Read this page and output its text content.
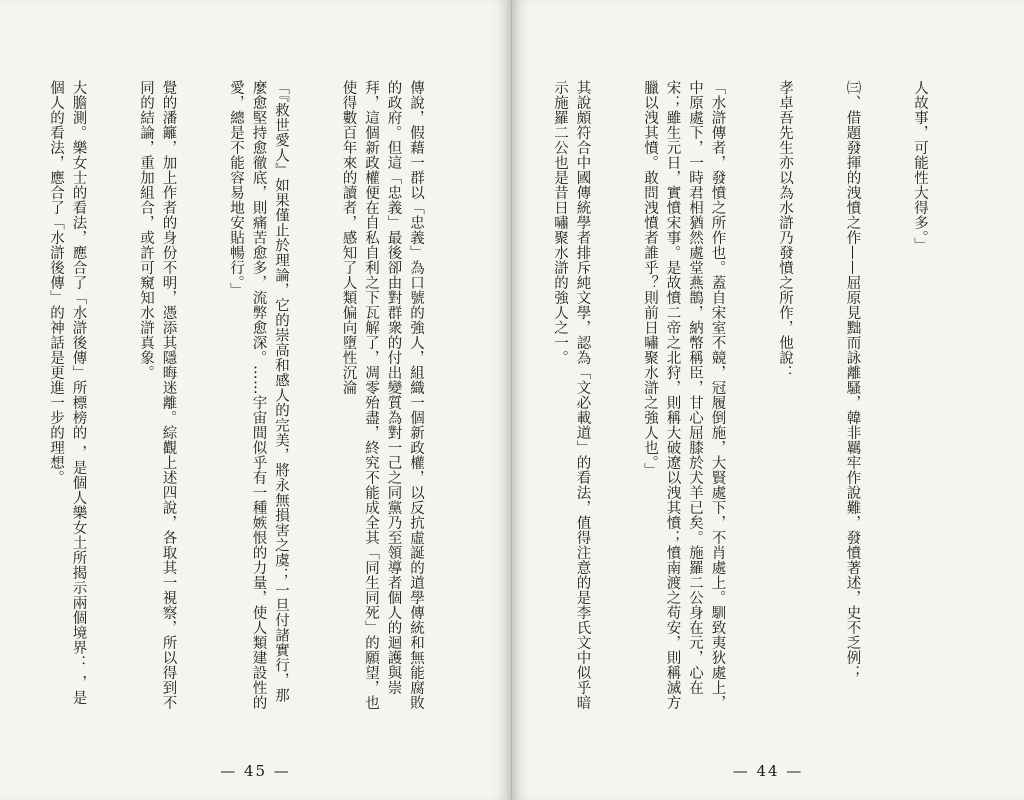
傳說，假藉一群以「忠義」為口號的強人，組織一個新政權，以反抗虛誕的道學傳統和無能腐敗的政府。但這「忠義」最後卻由對群衆的付出變質為對一己之同黨乃至領導者個人的迴護與崇拜，這個新政權便在自私自利之下瓦解了，凋零殆盡，終究不能成全其「同生同死」的願望，也使得數百年來的讀者，感知了人類偏向墮性沉淪

「『救世愛人』如果僅止於理論，它的崇高和感人的完美，將永無損害之虞；一旦付諸實行，那麼愈堅持愈徹底，則痛苦愈多，流弊愈深。……宇宙間似乎有一種嫉恨的力量，使人類建設性的愛，總是不能容易地安貼暢行。」

覺的潘籬，加上作者的身份不明，憑添其隱晦迷離。綜觀上述四說，各取其一視察，所以得到不同的結論，重加組合，或許可窺知水滸真象。

大膽測。樂女士的看法，應合了「水滸後傳」所標榜的 ，是個人樂女土所揭示兩個境界： ，是個人的看法，應合了「水滸後傳」的神話是更進一步的理想。

— 45 —

人故事，可能性大得多。」

㈢、借題發揮的洩憤之作——屈原見黜而詠離騷，韓非羈牢作說難，發憤著述，史不乏例；

孝卓吾先生亦以為水滸乃發憤之所作，他說：

「水滸傳者，發憤之所作也。蓋自宋室不競，冠履倒施，大賢處下，不肖處上。馴致夷狄處上，中原處下，一時君相猶然處堂燕鵲，納幣稱臣，甘心屈膝於犬羊已矣。施羅二公身在元，心在宋；雖生元日，實憤宋事。是故憤二帝之北狩，則稱大破遼以洩其憤；憤南渡之苟安，則稱滅方臘以洩其憤。敢問洩憤者誰乎？則前日嘯聚水滸之強人也。」

其說頗符合中國傳統學者排斥純文學，認為「文必載道」的看法，值得注意的是李氏文中似乎暗示施羅二公也是昔日嘯聚水滸的強人之一。

— 44 —
